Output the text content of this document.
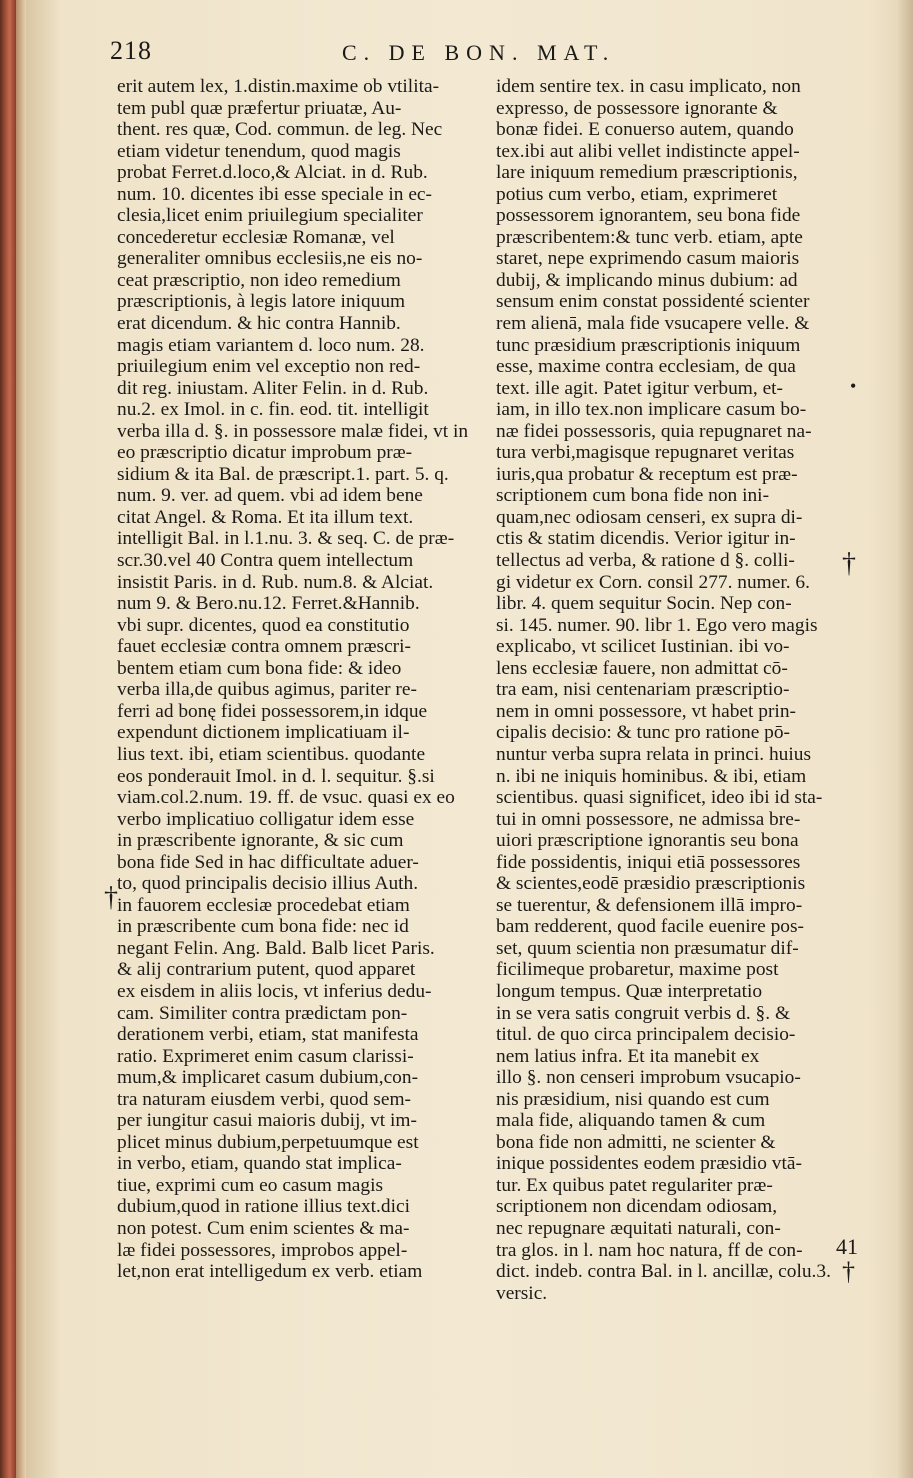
218	C. DE BON. MAT.
erit autem lex, 1.distin.maxime ob vtilita-
tem publ quæ præfertur priuatæ, Au-
thent. res quæ, Cod. commun. de leg. Nec
etiam videtur tenendum, quod magis
probat Ferret.d.loco,& Alciat. in d. Rub.
num. 10. dicentes ibi esse speciale in ec-
clesia,licet enim priuilegium specialiter
concederetur ecclesiæ Romanæ, vel
generaliter omnibus ecclesiis,ne eis no-
ceat præscriptio, non ideo remedium
præscriptionis, à legis latore iniquum
erat dicendum. & hic contra Hannib.
magis etiam variantem d. loco num. 28.
priuilegium enim vel exceptio non red-
dit reg. iniustam. Aliter Felin. in d. Rub.
nu.2. ex Imol. in c. fin. eod. tit. intelligit
verba illa d. §. in possessore malæ fidei, vt in
eo præscriptio dicatur improbum præ-
sidium & ita Bal. de præscript.1. part. 5. q.
num. 9. ver. ad quem. vbi ad idem bene
citat Angel. & Roma. Et ita illum text.
intelligit Bal. in l.1.nu. 3. & seq. C. de præ-
scr.30.vel 40 Contra quem intellectum
insistit Paris. in d. Rub. num.8. & Alciat.
num 9. & Bero.nu.12. Ferret.&Hannib.
vbi supr. dicentes, quod ea constitutio
fauet ecclesiæ contra omnem præscri-
bentem etiam cum bona fide: & ideo
verba illa,de quibus agimus, pariter re-
ferri ad bonę fidei possessorem,in idque
expendunt dictionem implicatiuam il-
lius text. ibi, etiam scientibus. quodante
eos ponderauit Imol. in d. l. sequitur. §.si
viam.col.2.num. 19. ff. de vsuc. quasi ex eo
verbo implicatiuo colligatur idem esse
in præscribente ignorante, & sic cum
bona fide Sed in hac difficultate aduer-
to, quod principalis decisio illius Auth.
in fauorem ecclesiæ procedebat etiam
in præscribente cum bona fide: nec id
negant Felin. Ang. Bald. Balb licet Paris.
& alij contrarium putent, quod apparet
ex eisdem in aliis locis, vt inferius dedu-
cam. Similiter contra prædictam pon-
derationem verbi, etiam, stat manifesta
ratio. Exprimeret enim casum clarissi-
mum,& implicaret casum dubium,con-
tra naturam eiusdem verbi, quod sem-
per iungitur casui maioris dubij, vt im-
plicet minus dubium,perpetuumque est
in verbo, etiam, quando stat implica-
tiue, exprimi cum eo casum magis
dubium,quod in ratione illius text.dici
non potest. Cum enim scientes & ma-
læ fidei possessores, improbos appel-
let,non erat intelligedum ex verb. etiam
idem sentire tex. in casu implicato, non
expresso, de possessore ignorante &
bonæ fidei. E conuerso autem, quando
tex.ibi aut alibi vellet indistincte appel-
lare iniquum remedium præscriptionis,
potius cum verbo, etiam, exprimeret
possessorem ignorantem, seu bona fide
præscribentem:& tunc verb. etiam, apte
staret, nepe exprimendo casum maioris
dubij, & implicando minus dubium: ad
sensum enim constat possidenté scienter
rem alienā, mala fide vsucapere velle. &
tunc præsidium præscriptionis iniquum
esse, maxime contra ecclesiam, de qua
text. ille agit. Patet igitur verbum, et-
iam, in illo tex.non implicare casum bo-
næ fidei possessoris, quia repugnaret na-
tura verbi,magisque repugnaret veritas
iuris,qua probatur & receptum est præ-
scriptionem cum bona fide non ini-
quam,nec odiosam censeri, ex supra di-
ctis & statim dicendis. Verior igitur in-
tellectus ad verba, & ratione d §. colli-
gi videtur ex Corn. consil 277. numer. 6.
libr. 4. quem sequitur Socin. Nep con-
si. 145. numer. 90. libr 1. Ego vero magis
explicabo, vt scilicet Iustinian. ibi vo-
lens ecclesiæ fauere, non admittat cō-
tra eam, nisi centenariam præscriptio-
nem in omni possessore, vt habet prin-
cipalis decisio: & tunc pro ratione pō-
nuntur verba supra relata in princi. huius
n. ibi ne iniquis hominibus. & ibi, etiam
scientibus. quasi significet, ideo ibi id sta-
tui in omni possessore, ne admissa bre-
uiori præscriptione ignorantis seu bona
fide possidentis, iniqui etiā possessores
& scientes,eodē præsidio præscriptionis
se tuerentur, & defensionem illā impro-
bam redderent, quod facile euenire pos-
set, quum scientia non præsumatur dif-
ficilimeque probaretur, maxime post
longum tempus. Quæ interpretatio
in se vera satis congruit verbis d. §. &
titul. de quo circa principalem decisio-
nem latius infra. Et ita manebit ex
illo §. non censeri improbum vsucapio-
nis præsidium, nisi quando est cum
mala fide, aliquando tamen & cum
bona fide non admitti, ne scienter &
inique possidentes eodem præsidio vtā-
tur. Ex quibus patet regulariter præ-
scriptionem non dicendam odiosam,
nec repugnare æquitati naturali, con-
tra glos. in l. nam hoc natura, ff de con-
dict. indeb. contra Bal. in l. ancillæ, colu.3.
versic.
†
†
41
†
•
